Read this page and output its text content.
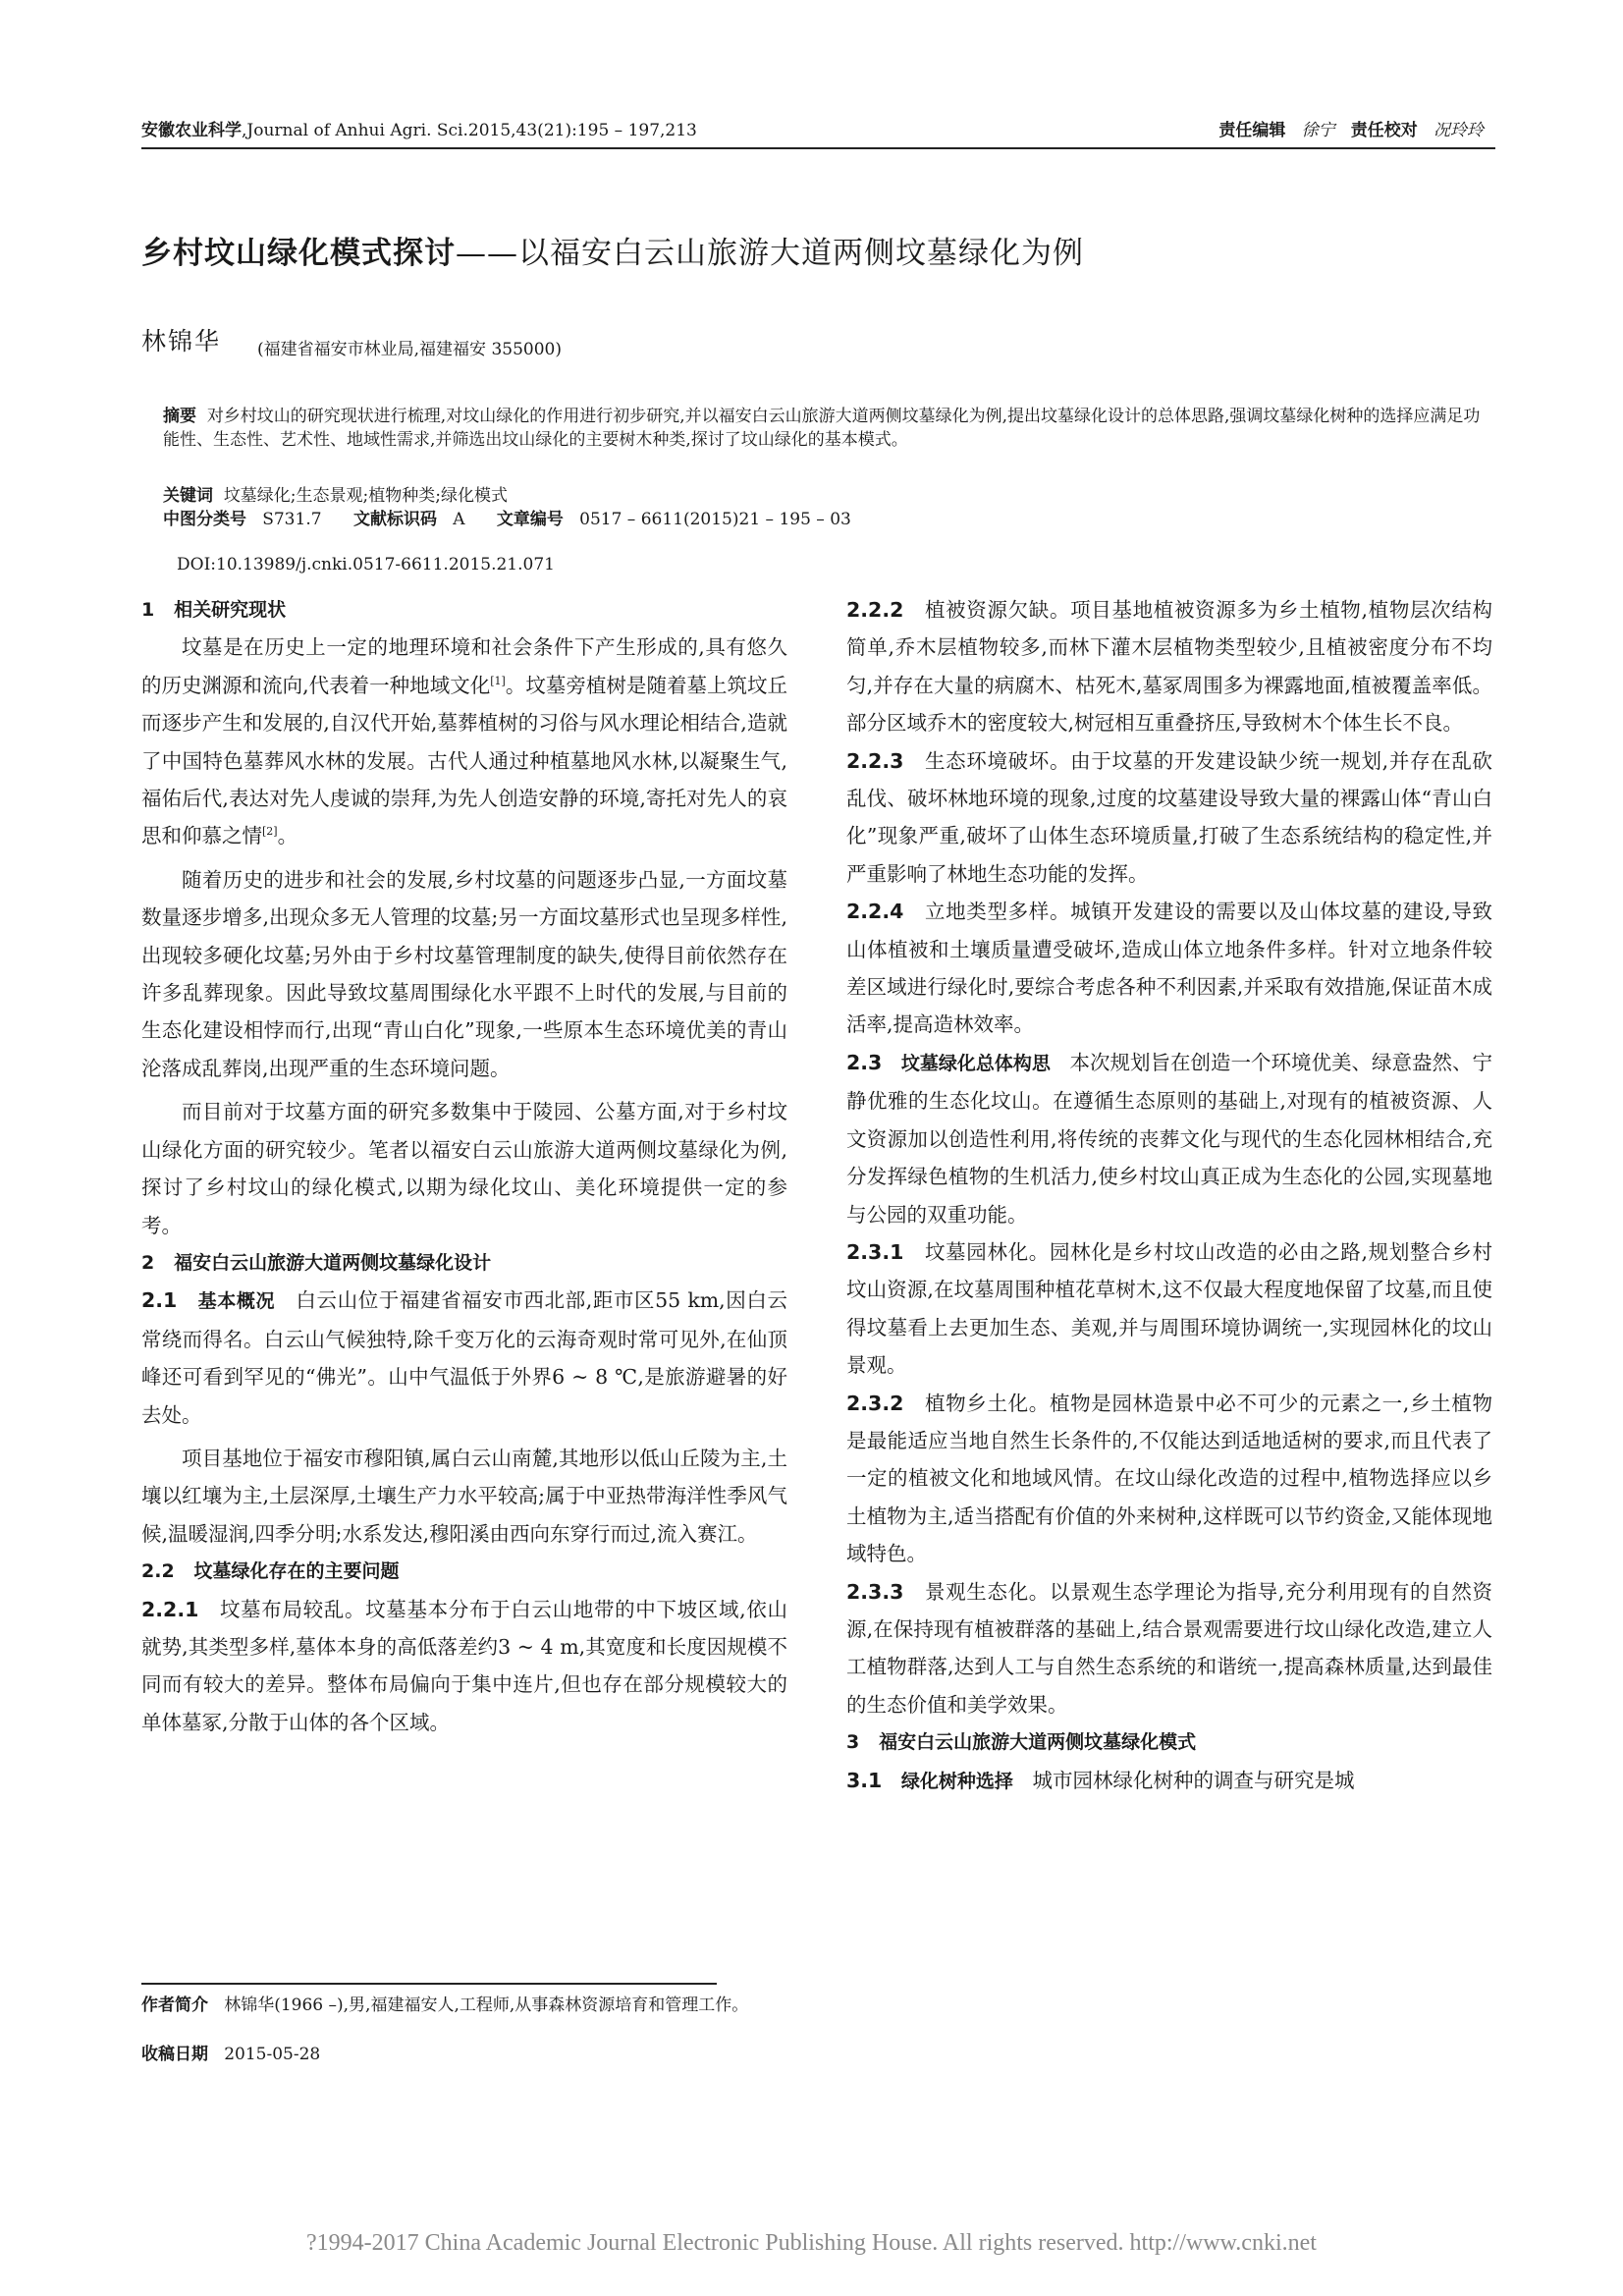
安徽农业科学,Journal of Anhui Agri. Sci.2015,43(21):195 – 197,213	责任编辑 徐宁 责任校对 况玲玲
乡村坟山绿化模式探讨——以福安白云山旅游大道两侧坟墓绿化为例
林锦华 (福建省福安市林业局,福建福安 355000)
摘要 对乡村坟山的研究现状进行梳理,对坟山绿化的作用进行初步研究,并以福安白云山旅游大道两侧坟墓绿化为例,提出坟墓绿化设计的总体思路,强调坟墓绿化树种的选择应满足功能性、生态性、艺术性、地域性需求,并筛选出坟山绿化的主要树木种类,探讨了坟山绿化的基本模式。
关键词 坟墓绿化;生态景观;植物种类;绿化模式
中图分类号 S731.7 文献标识码 A 文章编号 0517 – 6611(2015)21 – 195 – 03
DOI:10.13989/j.cnki.0517-6611.2015.21.071

1 相关研究现状

坟墓是在历史上一定的地理环境和社会条件下产生形成的,具有悠久的历史渊源和流向,代表着一种地域文化[1]。坟墓旁植树是随着墓上筑坟丘而逐步产生和发展的,自汉代开始,墓葬植树的习俗与风水理论相结合,造就了中国特色墓葬风水林的发展。古代人通过种植墓地风水林,以凝聚生气,福佑后代,表达对先人虔诚的崇拜,为先人创造安静的环境,寄托对先人的哀思和仰慕之情[2]。

随着历史的进步和社会的发展,乡村坟墓的问题逐步凸显,一方面坟墓数量逐步增多,出现众多无人管理的坟墓;另一方面坟墓形式也呈现多样性,出现较多硬化坟墓;另外由于乡村坟墓管理制度的缺失,使得目前依然存在许多乱葬现象。因此导致坟墓周围绿化水平跟不上时代的发展,与目前的生态化建设相悖而行,出现“青山白化”现象,一些原本生态环境优美的青山沦落成乱葬岗,出现严重的生态环境问题。

而目前对于坟墓方面的研究多数集中于陵园、公墓方面,对于乡村坟山绿化方面的研究较少。笔者以福安白云山旅游大道两侧坟墓绿化为例,探讨了乡村坟山的绿化模式,以期为绿化坟山、美化环境提供一定的参考。

2 福安白云山旅游大道两侧坟墓绿化设计

2.1 基本概况 白云山位于福建省福安市西北部,距市区55 km,因白云常绕而得名。白云山气候独特,除千变万化的云海奇观时常可见外,在仙顶峰还可看到罕见的“佛光”。山中气温低于外界6 ~ 8 ℃,是旅游避暑的好去处。

项目基地位于福安市穆阳镇,属白云山南麓,其地形以低山丘陵为主,土壤以红壤为主,土层深厚,土壤生产力水平较高;属于中亚热带海洋性季风气候,温暖湿润,四季分明;水系发达,穆阳溪由西向东穿行而过,流入赛江。

2.2 坟墓绿化存在的主要问题

2.2.1 坟墓布局较乱。坟墓基本分布于白云山地带的中下坡区域,依山就势,其类型多样,墓体本身的高低落差约3 ~ 4 m,其宽度和长度因规模不同而有较大的差异。整体布局偏向于集中连片,但也存在部分规模较大的单体墓冢,分散于山体的各个区域。

2.2.2 植被资源欠缺。项目基地植被资源多为乡土植物,植物层次结构简单,乔木层植物较多,而林下灌木层植物类型较少,且植被密度分布不均匀,并存在大量的病腐木、枯死木,墓冢周围多为裸露地面,植被覆盖率低。部分区域乔木的密度较大,树冠相互重叠挤压,导致树木个体生长不良。

2.2.3 生态环境破坏。由于坟墓的开发建设缺少统一规划,并存在乱砍乱伐、破坏林地环境的现象,过度的坟墓建设导致大量的裸露山体“青山白化”现象严重,破坏了山体生态环境质量,打破了生态系统结构的稳定性,并严重影响了林地生态功能的发挥。

2.2.4 立地类型多样。城镇开发建设的需要以及山体坟墓的建设,导致山体植被和土壤质量遭受破坏,造成山体立地条件多样。针对立地条件较差区域进行绿化时,要综合考虑各种不利因素,并采取有效措施,保证苗木成活率,提高造林效率。

2.3 坟墓绿化总体构思 本次规划旨在创造一个环境优美、绿意盎然、宁静优雅的生态化坟山。在遵循生态原则的基础上,对现有的植被资源、人文资源加以创造性利用,将传统的丧葬文化与现代的生态化园林相结合,充分发挥绿色植物的生机活力,使乡村坟山真正成为生态化的公园,实现墓地与公园的双重功能。

2.3.1 坟墓园林化。园林化是乡村坟山改造的必由之路,规划整合乡村坟山资源,在坟墓周围种植花草树木,这不仅最大程度地保留了坟墓,而且使得坟墓看上去更加生态、美观,并与周围环境协调统一,实现园林化的坟山景观。

2.3.2 植物乡土化。植物是园林造景中必不可少的元素之一,乡土植物是最能适应当地自然生长条件的,不仅能达到适地适树的要求,而且代表了一定的植被文化和地域风情。在坟山绿化改造的过程中,植物选择应以乡土植物为主,适当搭配有价值的外来树种,这样既可以节约资金,又能体现地域特色。

2.3.3 景观生态化。以景观生态学理论为指导,充分利用现有的自然资源,在保持现有植被群落的基础上,结合景观需要进行坟山绿化改造,建立人工植物群落,达到人工与自然生态系统的和谐统一,提高森林质量,达到最佳的生态价值和美学效果。

3 福安白云山旅游大道两侧坟墓绿化模式

3.1 绿化树种选择 城市园林绿化树种的调查与研究是城

作者简介 林锦华(1966 –),男,福建福安人,工程师,从事森林资源培育和管理工作。
收稿日期 2015-05-28
?1994-2017 China Academic Journal Electronic Publishing House. All rights reserved. http://www.cnki.net
